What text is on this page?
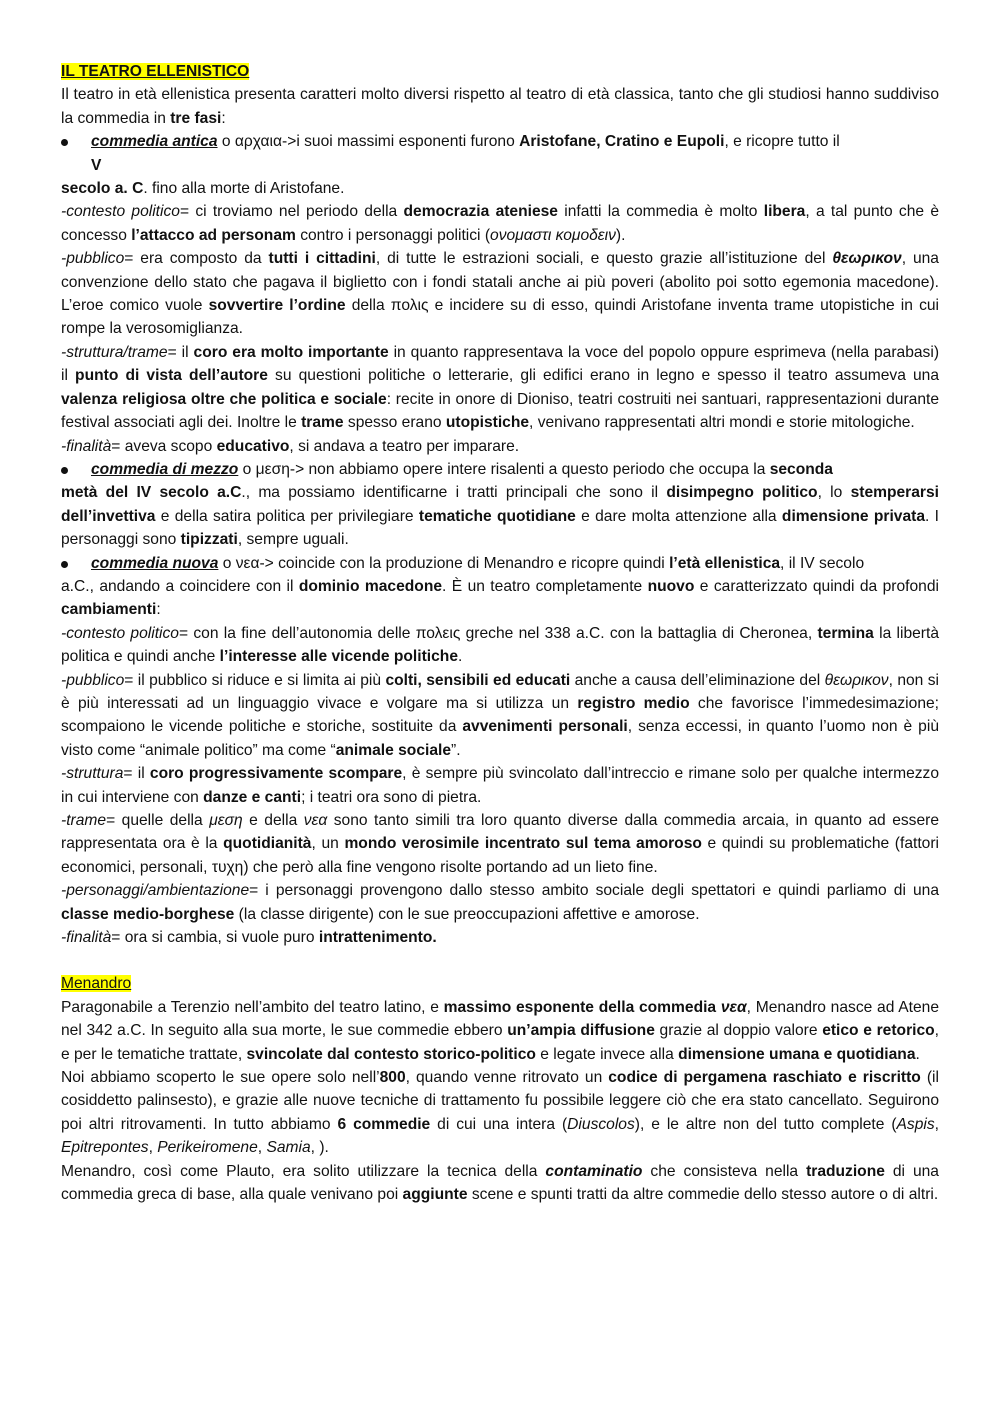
IL TEATRO ELLENISTICO

Il teatro in età ellenistica presenta caratteri molto diversi rispetto al teatro di età classica, tanto che gli studiosi hanno suddiviso la commedia in tre fasi:

commedia antica o αρχαια->i suoi massimi esponenti furono Aristofane, Cratino e Eupoli, e ricopre tutto il
V

secolo a. C. fino alla morte di Aristofane.

-contesto politico= ci troviamo nel periodo della democrazia ateniese infatti la commedia è molto libera, a tal punto che è concesso l’attacco ad personam contro i personaggi politici (ονομαστι κομοδειν).

-pubblico= era composto da tutti i cittadini, di tutte le estrazioni sociali, e questo grazie all’istituzione del θεωρικον, una convenzione dello stato che pagava il biglietto con i fondi statali anche ai più poveri (abolito poi sotto egemonia macedone). L’eroe comico vuole sovvertire l’ordine della πολις e incidere su di esso, quindi Aristofane inventa trame utopistiche in cui rompe la verosomiglianza.

-struttura/trame= il coro era molto importante in quanto rappresentava la voce del popolo oppure esprimeva (nella parabasi) il punto di vista dell’autore su questioni politiche o letterarie, gli edifici erano in legno e spesso il teatro assumeva una valenza religiosa oltre che politica e sociale: recite in onore di Dioniso, teatri costruiti nei santuari, rappresentazioni durante festival associati agli dei. Inoltre le trame spesso erano utopistiche, venivano rappresentati altri mondi e storie mitologiche.

-finalità= aveva scopo educativo, si andava a teatro per imparare.

commedia di mezzo o μεση-> non abbiamo opere intere risalenti a questo periodo che occupa la seconda

metà del IV secolo a.C., ma possiamo identificarne i tratti principali che sono il disimpegno politico, lo stemperarsi dell’invettiva e della satira politica per privilegiare tematiche quotidiane e dare molta attenzione alla dimensione privata. I personaggi sono tipizzati, sempre uguali.

commedia nuova o νεα-> coincide con la produzione di Menandro e ricopre quindi l’età ellenistica, il IV secolo

a.C., andando a coincidere con il dominio macedone. È un teatro completamente nuovo e caratterizzato quindi da profondi cambiamenti:

-contesto politico= con la fine dell’autonomia delle πολεις greche nel 338 a.C. con la battaglia di Cheronea, termina la libertà politica e quindi anche l’interesse alle vicende politiche.

-pubblico= il pubblico si riduce e si limita ai più colti, sensibili ed educati anche a causa dell’eliminazione del θεωρικον, non si è più interessati ad un linguaggio vivace e volgare ma si utilizza un registro medio che favorisce l’immedesimazione; scompaiono le vicende politiche e storiche, sostituite da avvenimenti personali, senza eccessi, in quanto l’uomo non è più visto come “animale politico” ma come “animale sociale”.

-struttura= il coro progressivamente scompare, è sempre più svincolato dall’intreccio e rimane solo per qualche intermezzo in cui interviene con danze e canti; i teatri ora sono di pietra.

-trame= quelle della μεση e della νεα sono tanto simili tra loro quanto diverse dalla commedia arcaia, in quanto ad essere rappresentata ora è la quotidianità, un mondo verosimile incentrato sul tema amoroso e quindi su problematiche (fattori economici, personali, τυχη) che però alla fine vengono risolte portando ad un lieto fine.

-personaggi/ambientazione= i personaggi provengono dallo stesso ambito sociale degli spettatori e quindi parliamo di una classe medio-borghese (la classe dirigente) con le sue preoccupazioni affettive e amorose.

-finalità= ora si cambia, si vuole puro intrattenimento.

Menandro

Paragonabile a Terenzio nell’ambito del teatro latino, e massimo esponente della commedia νεα, Menandro nasce ad Atene nel 342 a.C. In seguito alla sua morte, le sue commedie ebbero un’ampia diffusione grazie al doppio valore etico e retorico, e per le tematiche trattate, svincolate dal contesto storico-politico e legate invece alla dimensione umana e quotidiana.

Noi abbiamo scoperto le sue opere solo nell’800, quando venne ritrovato un codice di pergamena raschiato e riscritto (il cosiddetto palinsesto), e grazie alle nuove tecniche di trattamento fu possibile leggere ciò che era stato cancellato. Seguirono poi altri ritrovamenti. In tutto abbiamo 6 commedie di cui una intera (Diuscolos), e le altre non del tutto complete (Aspis, Epitrepontes, Perikeiromene, Samia, ).

Menandro, così come Plauto, era solito utilizzare la tecnica della contaminatio che consisteva nella traduzione di una commedia greca di base, alla quale venivano poi aggiunte scene e spunti tratti da altre commedie dello stesso autore o di altri.
